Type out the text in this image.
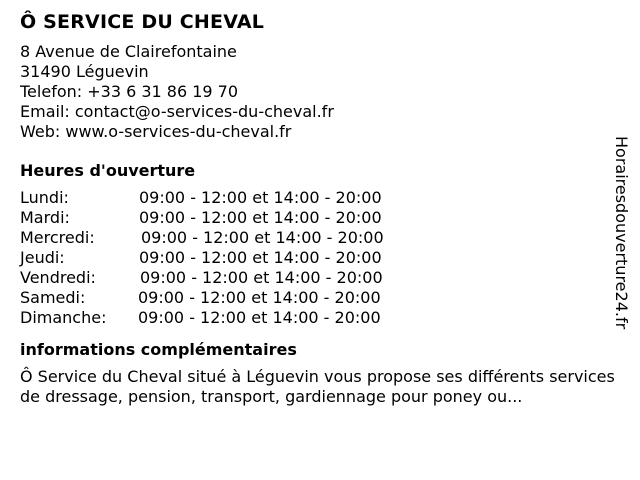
Ô SERVICE DU CHEVAL
8 Avenue de Clairefontaine
31490 Léguevin
Telefon: +33 6 31 86 19 70
Email: contact@o-services-du-cheval.fr
Web: www.o-services-du-cheval.fr
Heures d'ouverture
Lundi:	09:00 - 12:00 et 14:00 - 20:00
Mardi:	09:00 - 12:00 et 14:00 - 20:00
Mercredi:	09:00 - 12:00 et 14:00 - 20:00
Jeudi:	09:00 - 12:00 et 14:00 - 20:00
Vendredi:	09:00 - 12:00 et 14:00 - 20:00
Samedi:	09:00 - 12:00 et 14:00 - 20:00
Dimanche: 09:00 - 12:00 et 14:00 - 20:00
informations complémentaires
Ô Service du Cheval situé à Léguevin vous propose ses différents services de dressage, pension, transport, gardiennage pour poney ou...
Horairesdouverture24.fr
